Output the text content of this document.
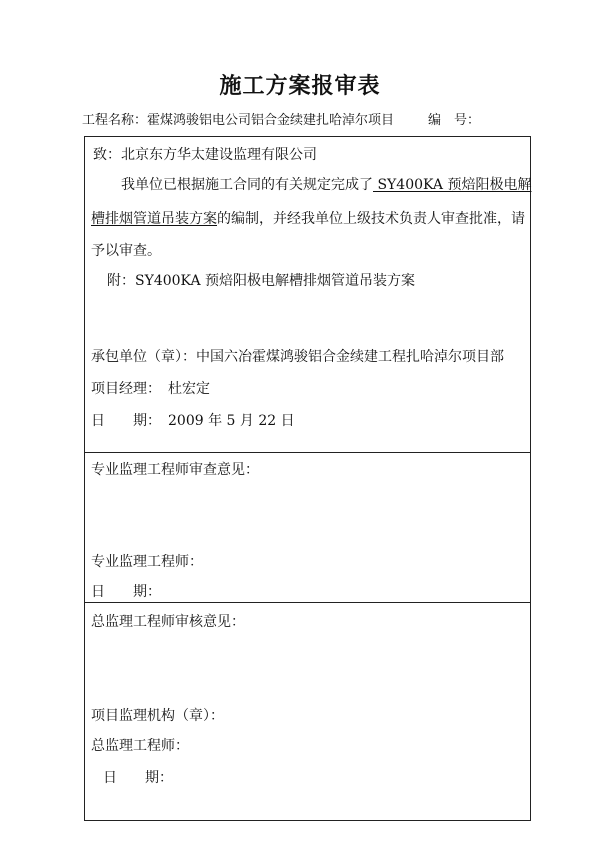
施工方案报审表
工程名称：霍煤鸿骏铝电公司铝合金续建扎哈淖尔项目	编　号：
致：北京东方华太建设监理有限公司
我单位已根据施工合同的有关规定完成了 SY400KA 预焙阳极电解
槽排烟管道吊装方案的编制，并经我单位上级技术负责人审查批准，请
予以审查。
附：SY400KA 预焙阳极电解槽排烟管道吊装方案
承包单位（章）：中国六冶霍煤鸿骏铝合金续建工程扎哈淖尔项目部
项目经理：　杜宏定
日　　期：　2009 年 5 月 22 日
专业监理工程师审查意见：
专业监理工程师：
日　　期：
总监理工程师审核意见：
项目监理机构（章）：
总监理工程师：
日　　期：
